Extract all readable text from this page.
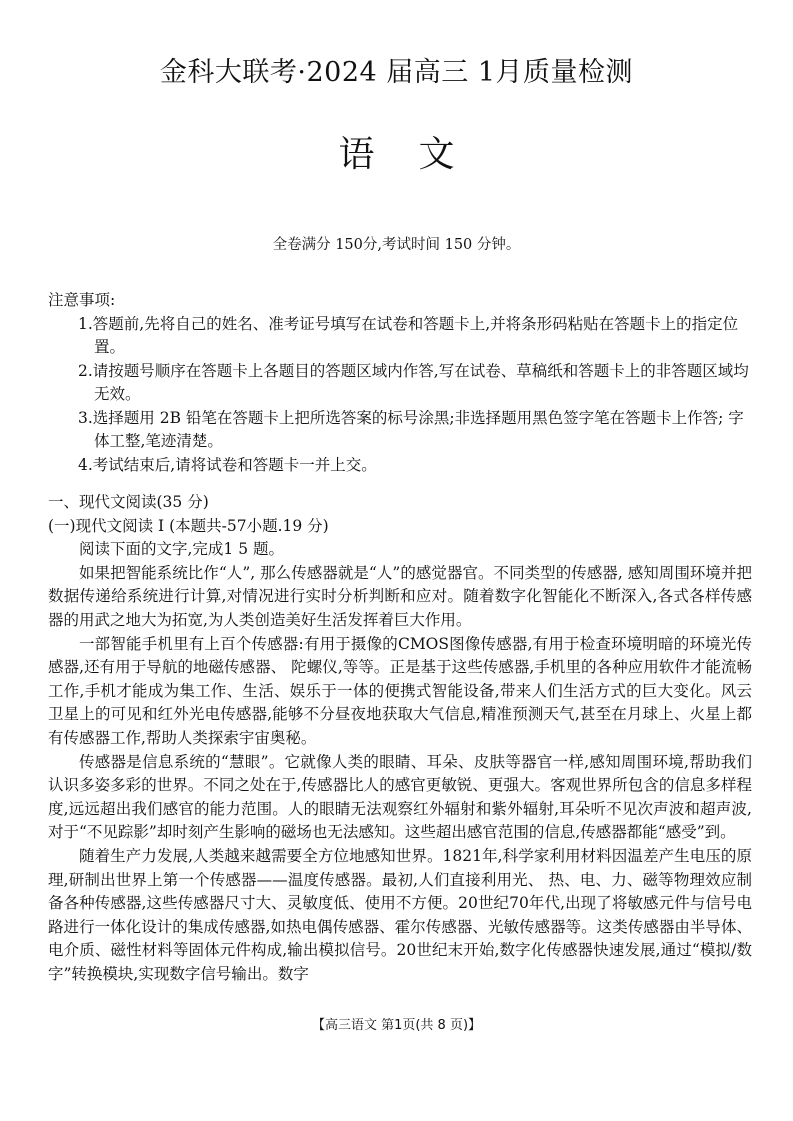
金科大联考·2024 届高三 1月质量检测
语 文
全卷满分 150分,考试时间 150 分钟。

注意事项:

1.答题前,先将自己的姓名、准考证号填写在试卷和答题卡上,并将条形码粘贴在答题卡上的指定位置。

2.请按题号顺序在答题卡上各题目的答题区域内作答,写在试卷、草稿纸和答题卡上的非答题区域均无效。

3.选择题用 2B 铅笔在答题卡上把所选答案的标号涂黑;非选择题用黑色签字笔在答题卡上作答; 字体工整,笔迹清楚。

4.考试结束后,请将试卷和答题卡一并上交。

一、现代文阅读(35 分)

(一)现代文阅读 Ⅰ (本题共-57小题.19 分)

阅读下面的文字,完成1 5 题。

如果把智能系统比作“人”, 那么传感器就是“人”的感觉器官。不同类型的传感器, 感知周围环境并把数据传递给系统进行计算,对情况进行实时分析判断和应对。随着数字化智能化不断深入,各式各样传感器的用武之地大为拓宽,为人类创造美好生活发挥着巨大作用。

一部智能手机里有上百个传感器:有用于摄像的CMOS图像传感器,有用于检查环境明暗的环境光传感器,还有用于导航的地磁传感器、 陀螺仪,等等。正是基于这些传感器,手机里的各种应用软件才能流畅工作,手机才能成为集工作、生活、娱乐于一体的便携式智能设备,带来人们生活方式的巨大变化。风云卫星上的可见和红外光电传感器,能够不分昼夜地获取大气信息,精准预测天气,甚至在月球上、火星上都有传感器工作,帮助人类探索宇宙奥秘。

传感器是信息系统的“慧眼”。它就像人类的眼睛、耳朵、皮肤等器官一样,感知周围环境,帮助我们认识多姿多彩的世界。不同之处在于,传感器比人的感官更敏锐、更强大。客观世界所包含的信息多样程度,远远超出我们感官的能力范围。人的眼睛无法观察红外辐射和紫外辐射,耳朵听不见次声波和超声波, 对于“不见踪影”却时刻产生影响的磁场也无法感知。这些超出感官范围的信息,传感器都能“感受”到。

随着生产力发展,人类越来越需要全方位地感知世界。1821年,科学家利用材料因温差产生电压的原理,研制出世界上第一个传感器——温度传感器。最初,人们直接利用光、 热、电、力、磁等物理效应制备各种传感器,这些传感器尺寸大、灵敏度低、使用不方便。20世纪70年代,出现了将敏感元件与信号电路进行一体化设计的集成传感器,如热电偶传感器、霍尔传感器、光敏传感器等。这类传感器由半导体、 电介质、磁性材料等固体元件构成,输出模拟信号。20世纪末开始,数字化传感器快速发展,通过“模拟/数字”转换模块,实现数字信号输出。数字

【高三语文 第1页(共 8 页)】
